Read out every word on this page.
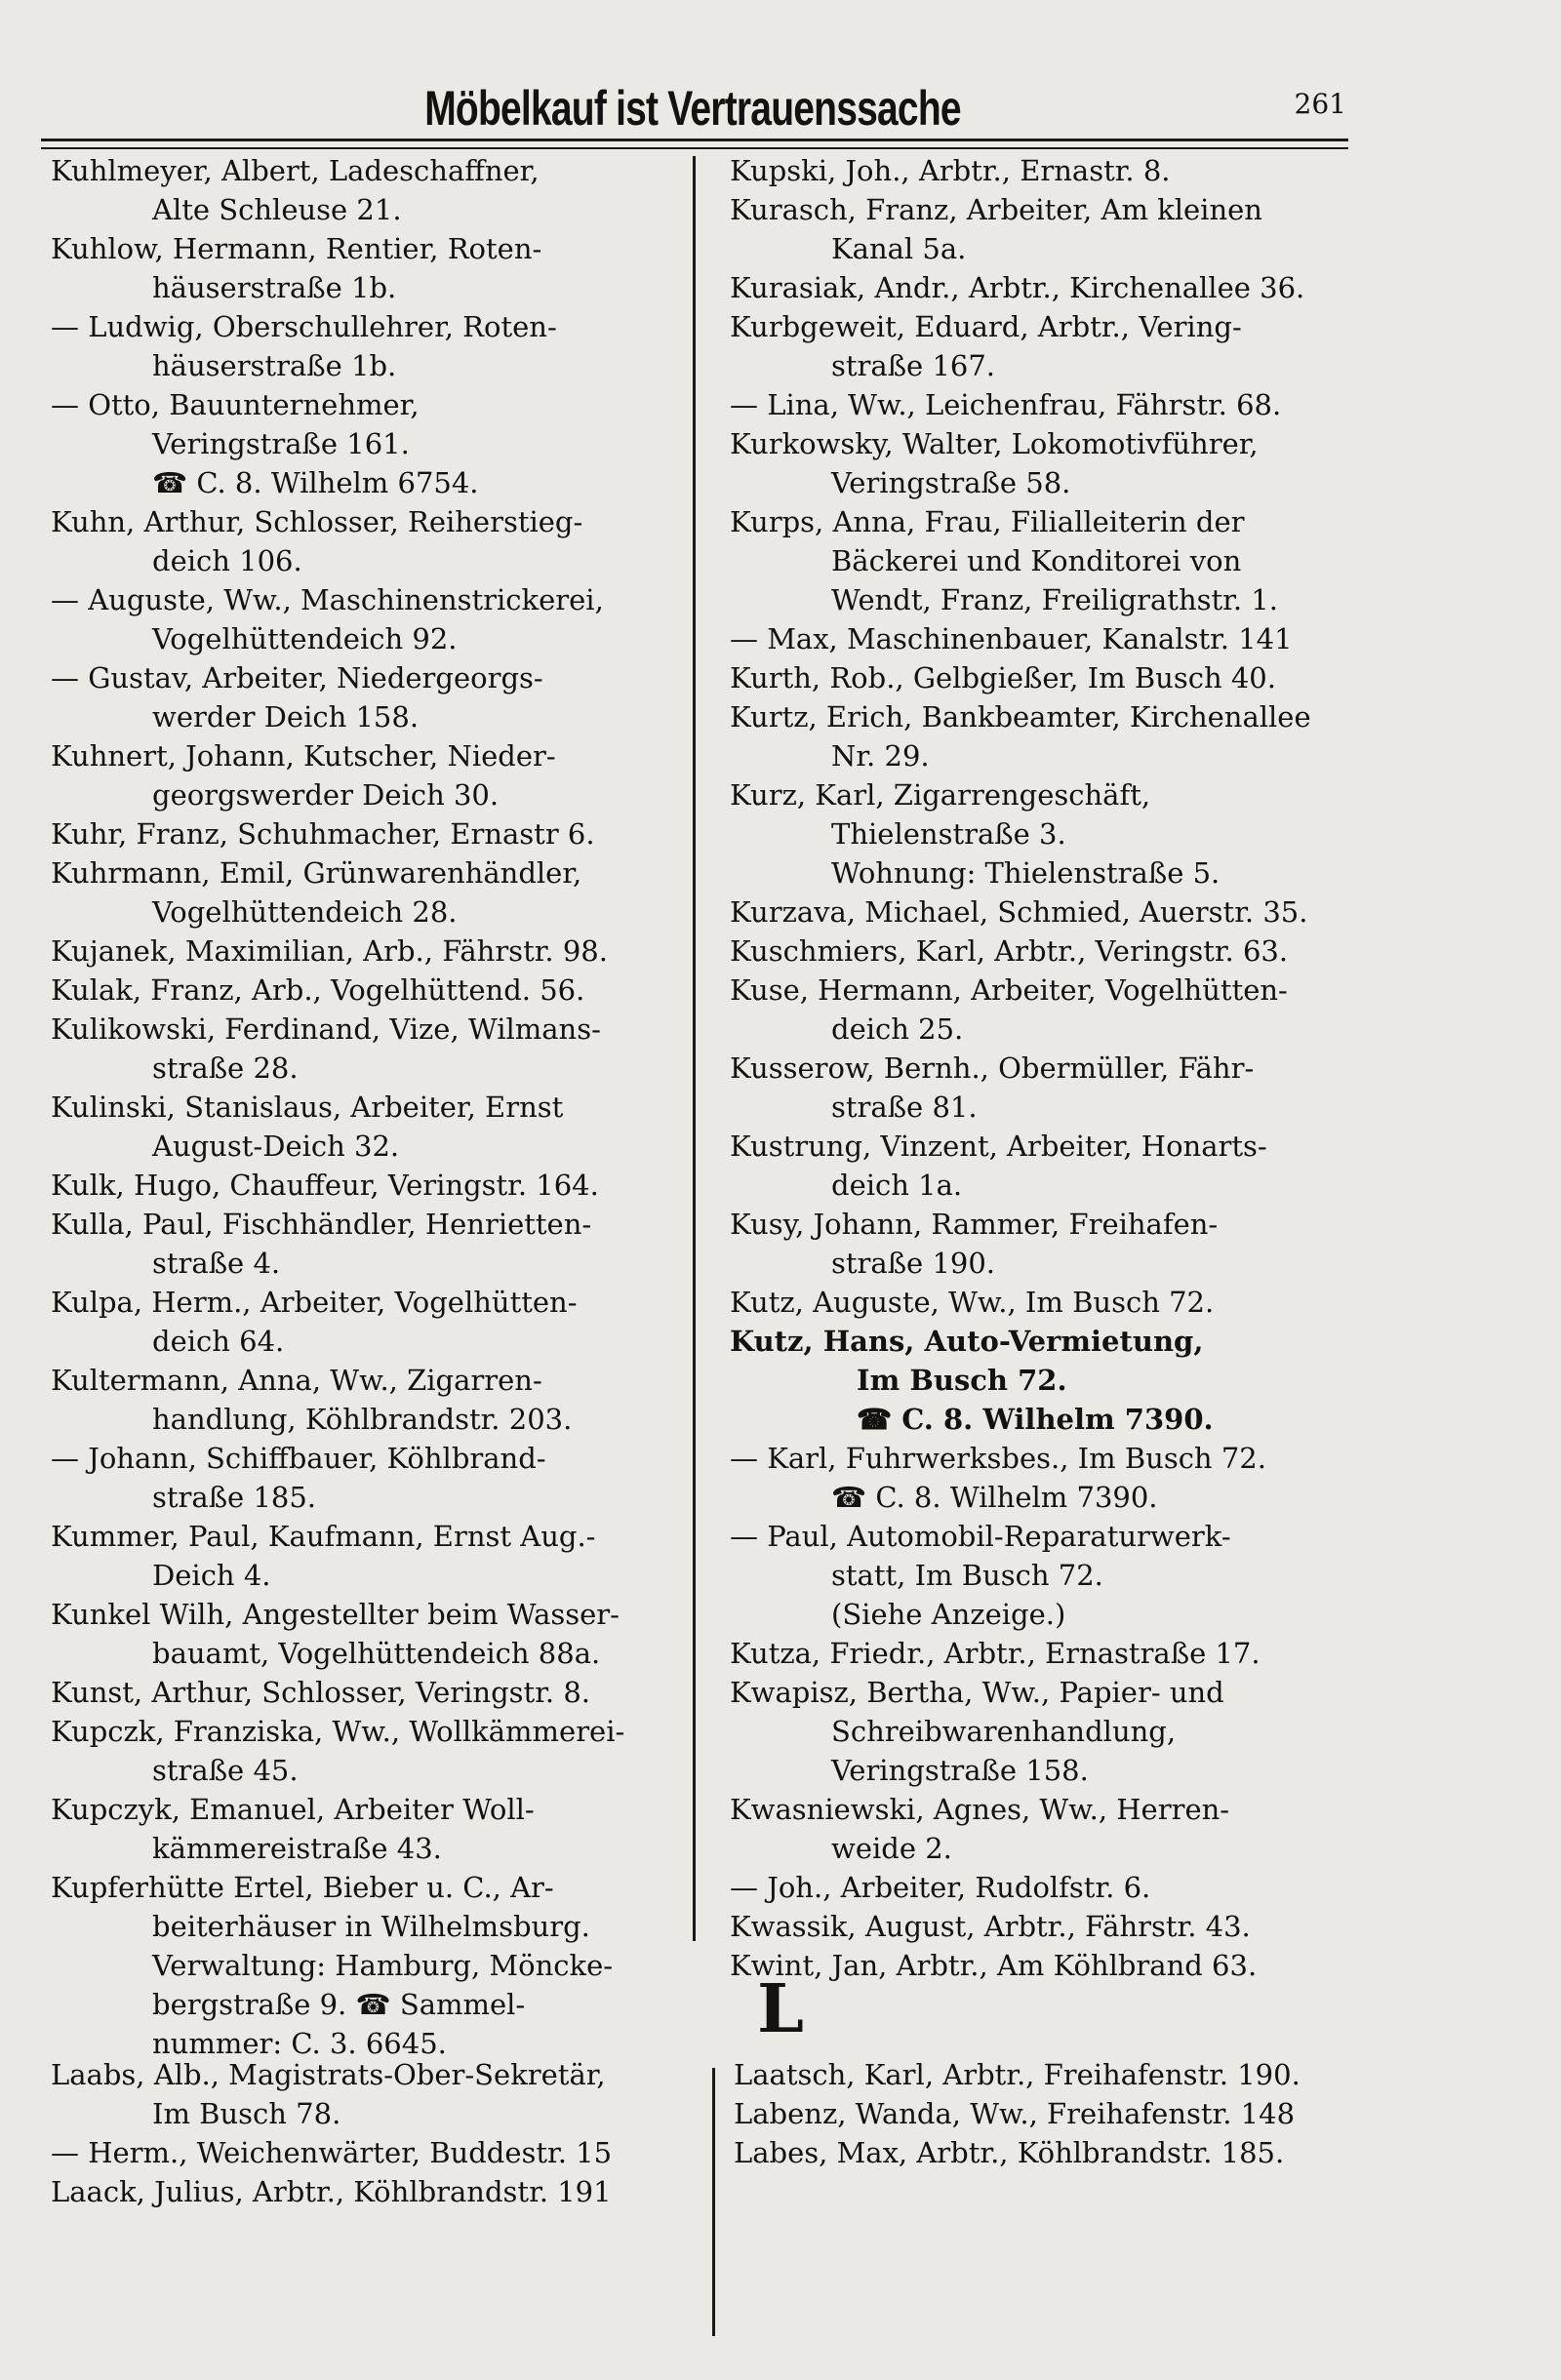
Möbelkauf ist Vertrauenssache	261
Kuhlmeyer, Albert, Ladeschaffner,
Alte Schleuse 21.
Kuhlow, Hermann, Rentier, Roten-
häuserstraße 1b.
— Ludwig, Oberschullehrer, Roten-
häuserstraße 1b.
— Otto, Bauunternehmer,
Veringstraße 161.
☎ C. 8. Wilhelm 6754.
Kuhn, Arthur, Schlosser, Reiherstieg-
deich 106.
— Auguste, Ww., Maschinenstrickerei,
Vogelhüttendeich 92.
— Gustav, Arbeiter, Niedergeorgs-
werder Deich 158.
Kuhnert, Johann, Kutscher, Nieder-
georgswerder Deich 30.
Kuhr, Franz, Schuhmacher, Ernastr 6.
Kuhrmann, Emil, Grünwarenhändler,
Vogelhüttendeich 28.
Kujanek, Maximilian, Arb., Fährstr. 98.
Kulak, Franz, Arb., Vogelhüttend. 56.
Kulikowski, Ferdinand, Vize, Wilmans-
straße 28.
Kulinski, Stanislaus, Arbeiter, Ernst
August-Deich 32.
Kulk, Hugo, Chauffeur, Veringstr. 164.
Kulla, Paul, Fischhändler, Henrietten-
straße 4.
Kulpa, Herm., Arbeiter, Vogelhütten-
deich 64.
Kultermann, Anna, Ww., Zigarren-
handlung, Köhlbrandstr. 203.
— Johann, Schiffbauer, Köhlbrand-
straße 185.
Kummer, Paul, Kaufmann, Ernst Aug.-
Deich 4.
Kunkel Wilh, Angestellter beim Wasser-
bauamt, Vogelhüttendeich 88a.
Kunst, Arthur, Schlosser, Veringstr. 8.
Kupczk, Franziska, Ww., Wollkämmerei-
straße 45.
Kupczyk, Emanuel, Arbeiter Woll-
kämmereistraße 43.
Kupferhütte Ertel, Bieber u. C., Ar-
beiterhäuser in Wilhelmsburg.
Verwaltung: Hamburg, Möncke-
bergstraße 9. ☎ Sammel-
nummer: C. 3. 6645.
Kupski, Joh., Arbtr., Ernastr. 8.
Kurasch, Franz, Arbeiter, Am kleinen
Kanal 5a.
Kurasiak, Andr., Arbtr., Kirchenallee 36.
Kurbgeweit, Eduard, Arbtr., Vering-
straße 167.
— Lina, Ww., Leichenfrau, Fährstr. 68.
Kurkowsky, Walter, Lokomotivführer,
Veringstraße 58.
Kurps, Anna, Frau, Filialleiterin der
Bäckerei und Konditorei von
Wendt, Franz, Freiligrathstr. 1.
— Max, Maschinenbauer, Kanalstr. 141
Kurth, Rob., Gelbgießer, Im Busch 40.
Kurtz, Erich, Bankbeamter, Kirchenallee
Nr. 29.
Kurz, Karl, Zigarrengeschäft,
Thielenstraße 3.
Wohnung: Thielenstraße 5.
Kurzava, Michael, Schmied, Auerstr. 35.
Kuschmiers, Karl, Arbtr., Veringstr. 63.
Kuse, Hermann, Arbeiter, Vogelhütten-
deich 25.
Kusserow, Bernh., Obermüller, Fähr-
straße 81.
Kustrung, Vinzent, Arbeiter, Honarts-
deich 1a.
Kusy, Johann, Rammer, Freihafen-
straße 190.
Kutz, Auguste, Ww., Im Busch 72.
Kutz, Hans, Auto-Vermietung,
Im Busch 72.
☎ C. 8. Wilhelm 7390.
— Karl, Fuhrwerksbes., Im Busch 72.
☎ C. 8. Wilhelm 7390.
— Paul, Automobil-Reparaturwerk-
statt, Im Busch 72.
(Siehe Anzeige.)
Kutza, Friedr., Arbtr., Ernastraße 17.
Kwapisz, Bertha, Ww., Papier- und
Schreibwarenhandlung,
Veringstraße 158.
Kwasniewski, Agnes, Ww., Herren-
weide 2.
— Joh., Arbeiter, Rudolfstr. 6.
Kwassik, August, Arbtr., Fährstr. 43.
Kwint, Jan, Arbtr., Am Köhlbrand 63.
L
Laabs, Alb., Magistrats-Ober-Sekretär,
Im Busch 78.
— Herm., Weichenwärter, Buddestr. 15
Laack, Julius, Arbtr., Köhlbrandstr. 191
Laatsch, Karl, Arbtr., Freihafenstr. 190.
Labenz, Wanda, Ww., Freihafenstr. 148
Labes, Max, Arbtr., Köhlbrandstr. 185.
